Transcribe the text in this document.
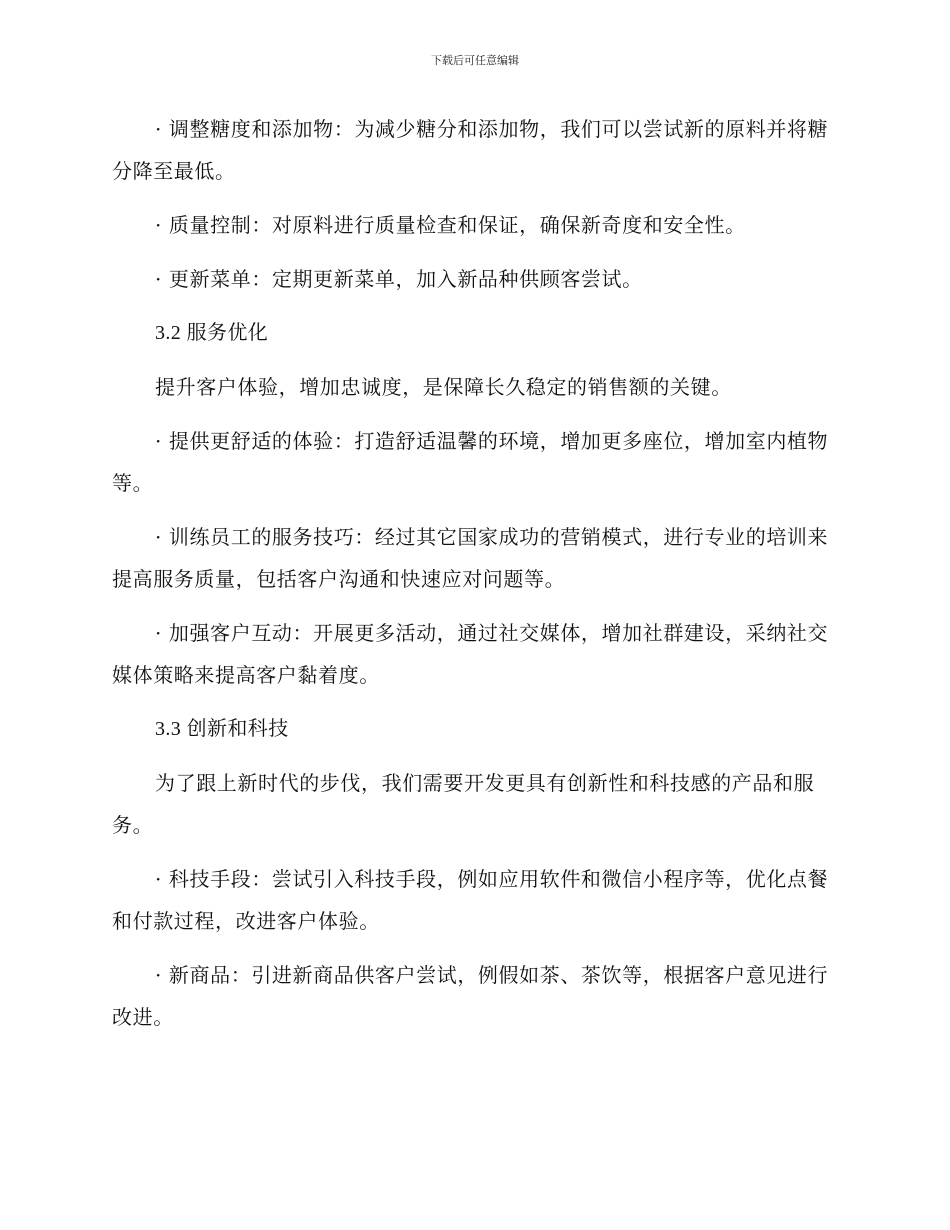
下载后可任意编辑

· 调整糖度和添加物：为减少糖分和添加物，我们可以尝试新的原料并将糖分降至最低。

· 质量控制：对原料进行质量检查和保证，确保新奇度和安全性。

· 更新菜单：定期更新菜单，加入新品种供顾客尝试。

3.2 服务优化

提升客户体验，增加忠诚度，是保障长久稳定的销售额的关键。

· 提供更舒适的体验：打造舒适温馨的环境，增加更多座位，增加室内植物等。

· 训练员工的服务技巧：经过其它国家成功的营销模式，进行专业的培训来提高服务质量，包括客户沟通和快速应对问题等。

· 加强客户互动：开展更多活动，通过社交媒体，增加社群建设，采纳社交媒体策略来提高客户黏着度。

3.3 创新和科技

为了跟上新时代的步伐，我们需要开发更具有创新性和科技感的产品和服务。

· 科技手段：尝试引入科技手段，例如应用软件和微信小程序等，优化点餐和付款过程，改进客户体验。

· 新商品：引进新商品供客户尝试，例假如茶、茶饮等，根据客户意见进行改进。
